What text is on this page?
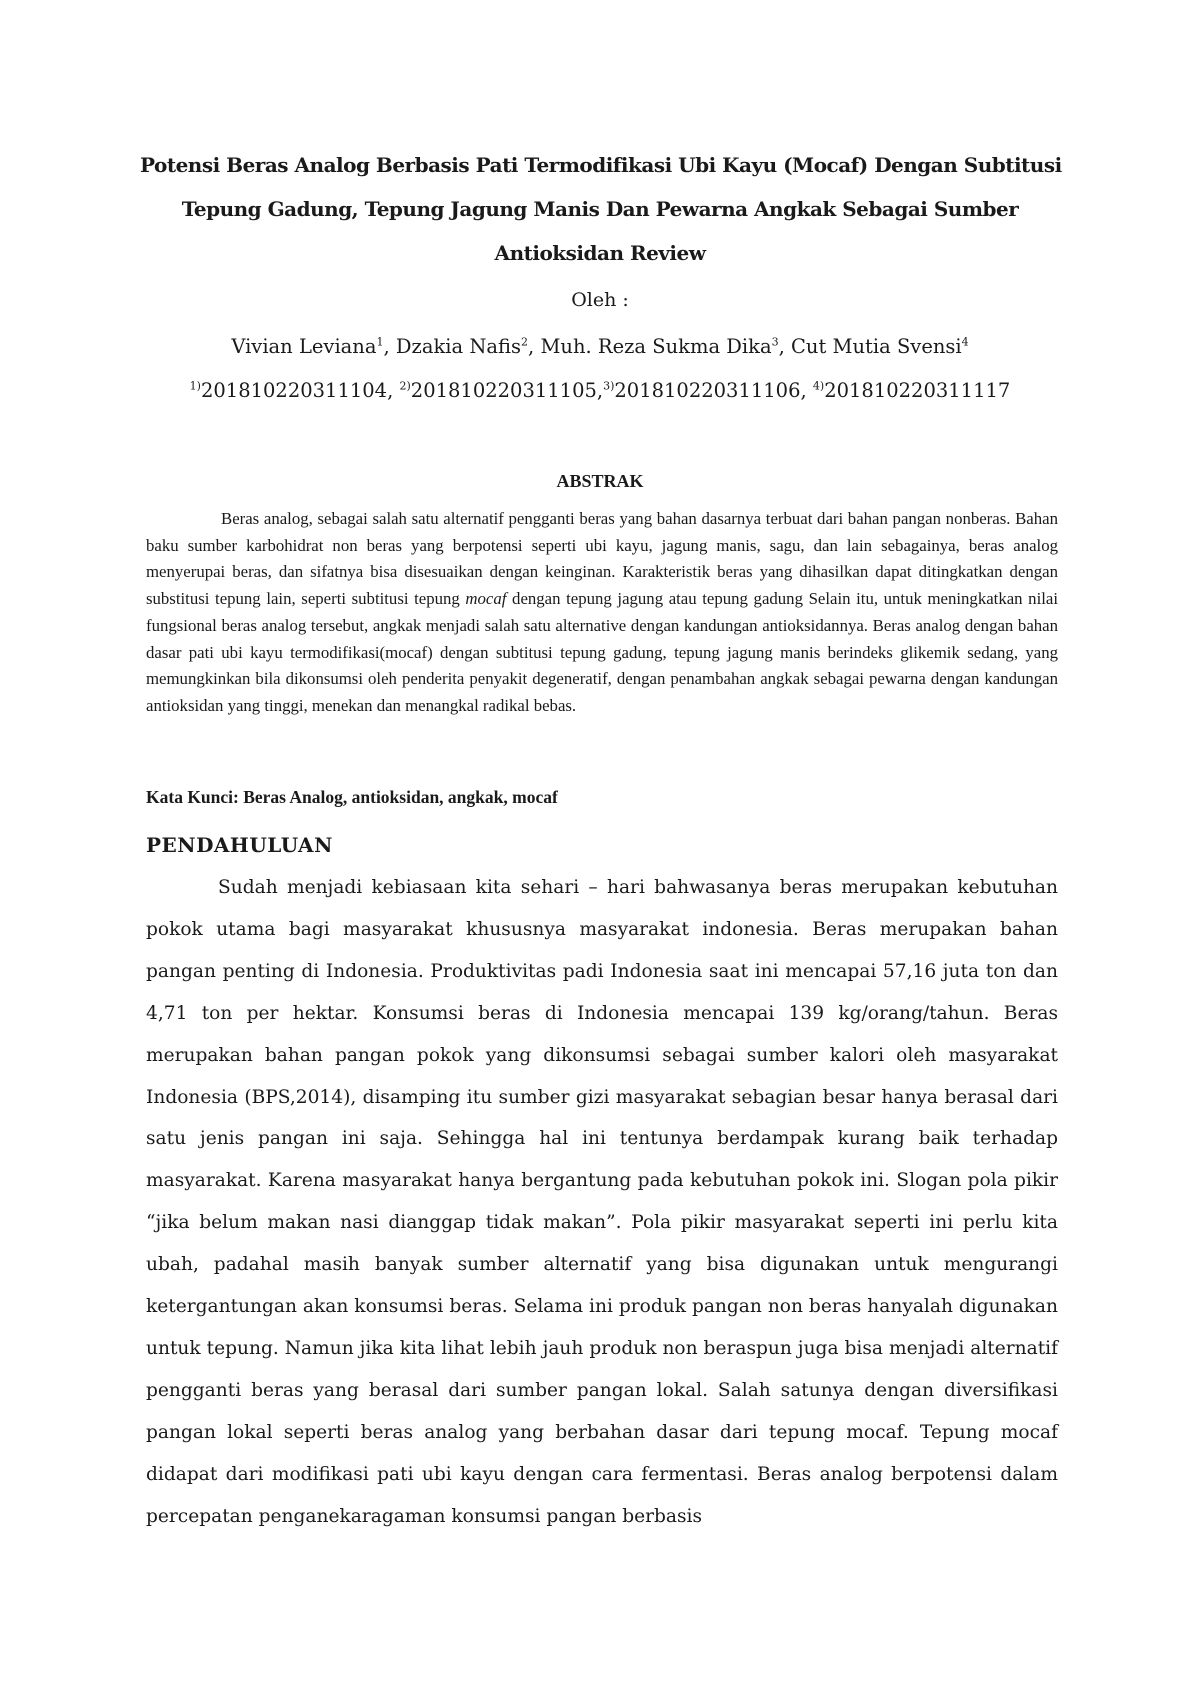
Potensi Beras Analog Berbasis Pati Termodifikasi Ubi Kayu (Mocaf) Dengan Subtitusi
Tepung Gadung, Tepung Jagung Manis Dan Pewarna Angkak Sebagai Sumber
Antioksidan Review
Oleh :
Vivian Leviana$^1$, Dzakia Nafis$^2$, Muh. Reza Sukma Dika$^3$, Cut Mutia Svensi$^4$
$^{1)}$201810220311104, $^{2)}$201810220311105,$^{3)}$201810220311106, $^{4)}$201810220311117
ABSTRAK

Beras analog, sebagai salah satu alternatif pengganti beras yang bahan dasarnya terbuat dari bahan pangan nonberas. Bahan baku sumber karbohidrat non beras yang berpotensi seperti ubi kayu, jagung manis, sagu, dan lain sebagainya, beras analog menyerupai beras, dan sifatnya bisa disesuaikan dengan keinginan. Karakteristik beras yang dihasilkan dapat ditingkatkan dengan substitusi tepung lain, seperti subtitusi tepung mocaf dengan tepung jagung atau tepung gadung Selain itu, untuk meningkatkan nilai fungsional beras analog tersebut, angkak menjadi salah satu alternative dengan kandungan antioksidannya. Beras analog dengan bahan dasar pati ubi kayu termodifikasi(mocaf) dengan subtitusi tepung gadung, tepung jagung manis berindeks glikemik sedang, yang memungkinkan bila dikonsumsi oleh penderita penyakit degeneratif, dengan penambahan angkak sebagai pewarna dengan kandungan antioksidan yang tinggi, menekan dan menangkal radikal bebas.

Kata Kunci: Beras Analog, antioksidan, angkak, mocaf
PENDAHULUAN

Sudah menjadi kebiasaan kita sehari – hari bahwasanya beras merupakan kebutuhan pokok utama bagi masyarakat khususnya masyarakat indonesia. Beras merupakan bahan pangan penting di Indonesia. Produktivitas padi Indonesia saat ini mencapai 57,16 juta ton dan 4,71 ton per hektar. Konsumsi beras di Indonesia mencapai 139 kg/orang/tahun. Beras merupakan bahan pangan pokok yang dikonsumsi sebagai sumber kalori oleh masyarakat Indonesia (BPS,2014), disamping itu sumber gizi masyarakat sebagian besar hanya berasal dari satu jenis pangan ini saja. Sehingga hal ini tentunya berdampak kurang baik terhadap masyarakat. Karena masyarakat hanya bergantung pada kebutuhan pokok ini. Slogan pola pikir “jika belum makan nasi dianggap tidak makan”. Pola pikir masyarakat seperti ini perlu kita ubah, padahal masih banyak sumber alternatif yang bisa digunakan untuk mengurangi ketergantungan akan konsumsi beras. Selama ini produk pangan non beras hanyalah digunakan untuk tepung. Namun jika kita lihat lebih jauh produk non beraspun juga bisa menjadi alternatif pengganti beras yang berasal dari sumber pangan lokal. Salah satunya dengan diversifikasi pangan lokal seperti beras analog yang berbahan dasar dari tepung mocaf. Tepung mocaf didapat dari modifikasi pati ubi kayu dengan cara fermentasi. Beras analog berpotensi dalam percepatan penganekaragaman konsumsi pangan berbasis
